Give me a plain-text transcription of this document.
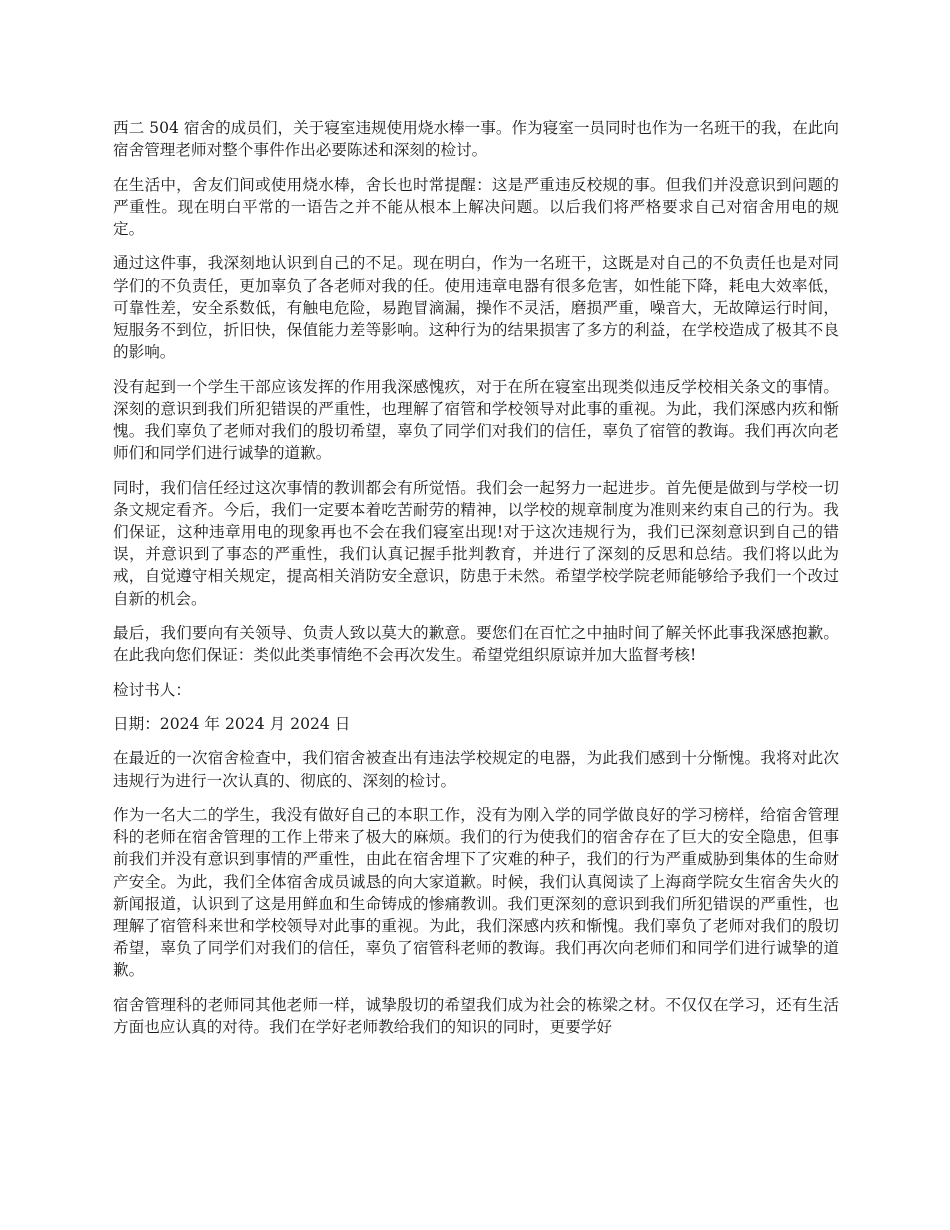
西二 504 宿舍的成员们，关于寝室违规使用烧水棒一事。作为寝室一员同时也作为一名班干的我，在此向宿舍管理老师对整个事件作出必要陈述和深刻的检讨。

在生活中，舍友们间或使用烧水棒，舍长也时常提醒：这是严重违反校规的事。但我们并没意识到问题的严重性。现在明白平常的一语告之并不能从根本上解决问题。以后我们将严格要求自己对宿舍用电的规定。

通过这件事，我深刻地认识到自己的不足。现在明白，作为一名班干，这既是对自己的不负责任也是对同学们的不负责任，更加辜负了各老师对我的任。使用违章电器有很多危害，如性能下降，耗电大效率低，可靠性差，安全系数低，有触电危险，易跑冒滴漏，操作不灵活，磨损严重，噪音大，无故障运行时间，短服务不到位，折旧快，保值能力差等影响。这种行为的结果损害了多方的利益，在学校造成了极其不良的影响。

没有起到一个学生干部应该发挥的作用我深感愧疚，对于在所在寝室出现类似违反学校相关条文的事情。 深刻的意识到我们所犯错误的严重性，也理解了宿管和学校领导对此事的重视。为此，我们深感内疚和惭愧。我们辜负了老师对我们的殷切希望，辜负了同学们对我们的信任，辜负了宿管的教诲。我们再次向老师们和同学们进行诚挚的道歉。

同时，我们信任经过这次事情的教训都会有所觉悟。我们会一起努力一起进步。首先便是做到与学校一切条文规定看齐。今后，我们一定要本着吃苦耐劳的精神，以学校的规章制度为准则来约束自己的行为。我们保证，这种违章用电的现象再也不会在我们寝室出现!对于这次违规行为，我们已深刻意识到自己的错误，并意识到了事态的严重性，我们认真记握手批判教育，并进行了深刻的反思和总结。我们将以此为戒，自觉遵守相关规定，提高相关消防安全意识，防患于未然。希望学校学院老师能够给予我们一个改过自新的机会。

最后，我们要向有关领导、负责人致以莫大的歉意。要您们在百忙之中抽时间了解关怀此事我深感抱歉。在此我向您们保证：类似此类事情绝不会再次发生。希望党组织原谅并加大监督考核!

检讨书人：

日期：2024 年 2024 月 2024 日

在最近的一次宿舍检查中，我们宿舍被查出有违法学校规定的电器，为此我们感到十分惭愧。我将对此次违规行为进行一次认真的、彻底的、深刻的检讨。

作为一名大二的学生，我没有做好自己的本职工作，没有为刚入学的同学做良好的学习榜样，给宿舍管理科的老师在宿舍管理的工作上带来了极大的麻烦。我们的行为使我们的宿舍存在了巨大的安全隐患，但事前我们并没有意识到事情的严重性，由此在宿舍埋下了灾难的种子，我们的行为严重威胁到集体的生命财产安全。为此，我们全体宿舍成员诚恳的向大家道歉。时候，我们认真阅读了上海商学院女生宿舍失火的新闻报道，认识到了这是用鲜血和生命铸成的惨痛教训。我们更深刻的意识到我们所犯错误的严重性，也理解了宿管科来世和学校领导对此事的重视。为此，我们深感内疚和惭愧。我们辜负了老师对我们的殷切希望，辜负了同学们对我们的信任，辜负了宿管科老师的教诲。我们再次向老师们和同学们进行诚挚的道歉。

宿舍管理科的老师同其他老师一样，诚挚殷切的希望我们成为社会的栋梁之材。不仅仅在学习，还有生活方面也应认真的对待。我们在学好老师教给我们的知识的同时，更要学好
